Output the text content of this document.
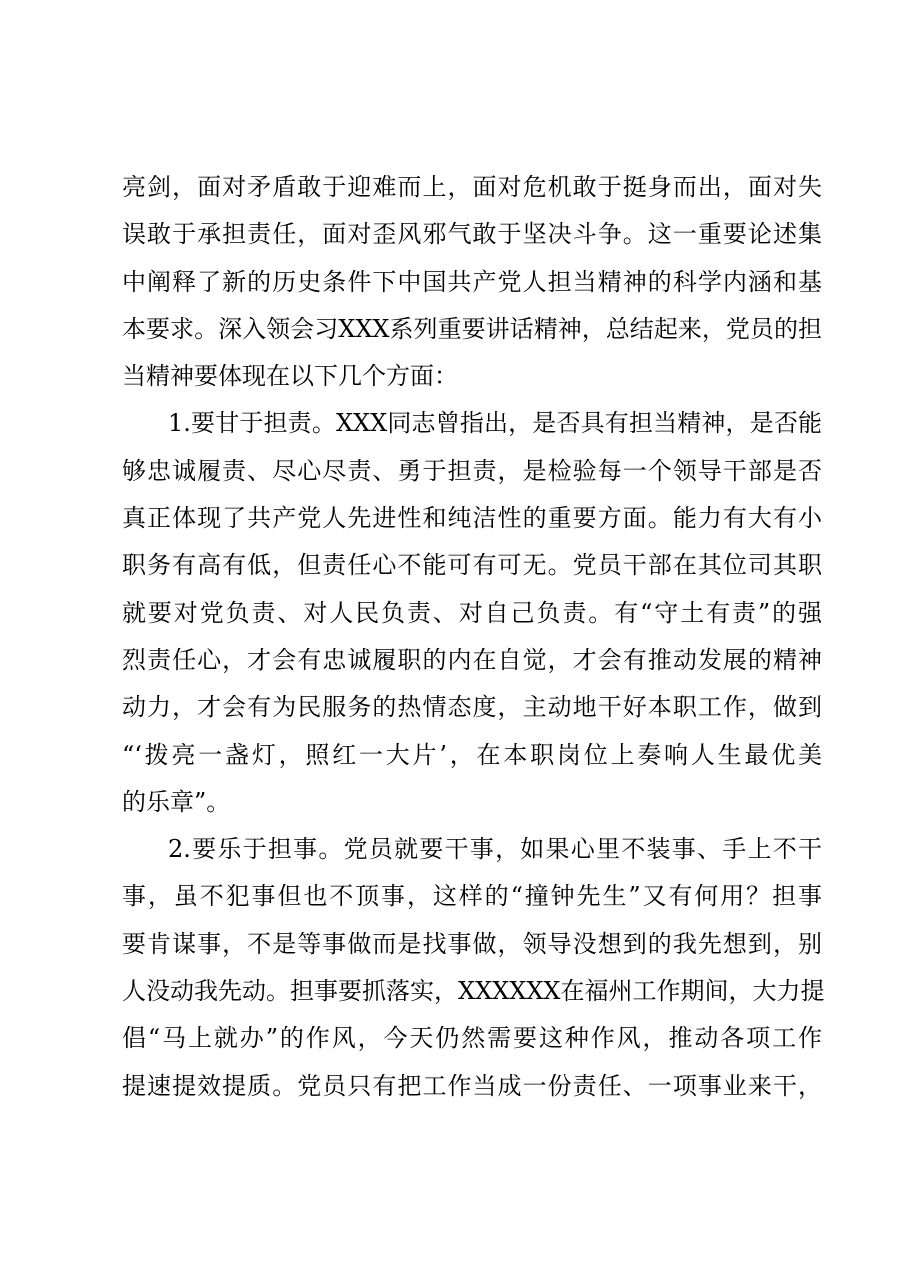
亮剑，面对矛盾敢于迎难而上，面对危机敢于挺身而出，面对失
误敢于承担责任，面对歪风邪气敢于坚决斗争。这一重要论述集
中阐释了新的历史条件下中国共产党人担当精神的科学内涵和基
本要求。深入领会习XXX系列重要讲话精神，总结起来，党员的担
当精神要体现在以下几个方面：
1.要甘于担责。XXX同志曾指出，是否具有担当精神，是否能
够忠诚履责、尽心尽责、勇于担责，是检验每一个领导干部是否
真正体现了共产党人先进性和纯洁性的重要方面。能力有大有小
职务有高有低，但责任心不能可有可无。党员干部在其位司其职
就要对党负责、对人民负责、对自己负责。有“守土有责”的强
烈责任心，才会有忠诚履职的内在自觉，才会有推动发展的精神
动力，才会有为民服务的热情态度，主动地干好本职工作，做到
“‘拨亮一盏灯，照红一大片’，在本职岗位上奏响人生最优美
的乐章”。
2.要乐于担事。党员就要干事，如果心里不装事、手上不干
事，虽不犯事但也不顶事，这样的“撞钟先生”又有何用？担事
要肯谋事，不是等事做而是找事做，领导没想到的我先想到，别
人没动我先动。担事要抓落实，XXXXXX在福州工作期间，大力提
倡“马上就办”的作风，今天仍然需要这种作风，推动各项工作
提速提效提质。党员只有把工作当成一份责任、一项事业来干，
